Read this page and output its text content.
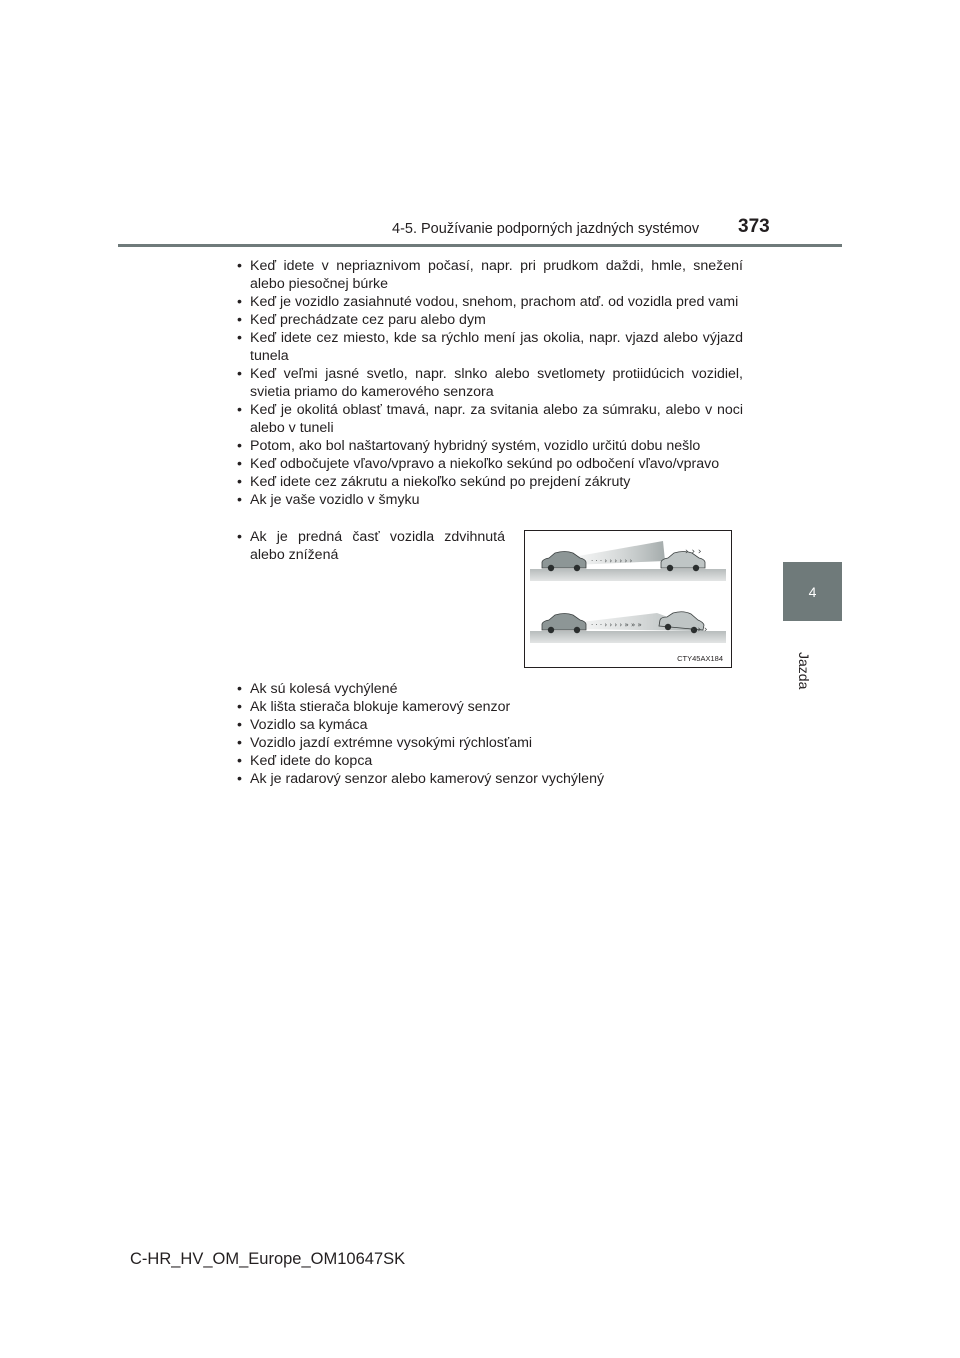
4-5. Používanie podporných jazdných systémov 373
4
Jazda
• Keď idete v nepriaznivom počasí, napr. pri prudkom daždi, hmle, snežení alebo piesočnej búrke
• Keď je vozidlo zasiahnuté vodou, snehom, prachom atď. od vozidla pred vami
• Keď prechádzate cez paru alebo dym
• Keď idete cez miesto, kde sa rýchlo mení jas okolia, napr. vjazd alebo výjazd tunela
• Keď veľmi jasné svetlo, napr. slnko alebo svetlomety protiidúcich vozidiel, svietia priamo do kamerového senzora
• Keď je okolitá oblasť tmavá, napr. za svitania alebo za súmraku, alebo v noci alebo v tuneli
• Potom, ako bol naštartovaný hybridný systém, vozidlo určitú dobu nešlo
• Keď odbočujete vľavo/vpravo a niekoľko sekúnd po odbočení vľavo/vpravo
• Keď idete cez zákrutu a niekoľko sekúnd po prejdení zákruty
• Ak je vaše vozidlo v šmyku
• Ak je predná časť vozidla zdvihnutá alebo znížená	· · · › › › › › ›
› › ›
· · · › › › › » » »	› › ›
CTY45AX184
• Ak sú kolesá vychýlené
• Ak lišta stierača blokuje kamerový senzor
• Vozidlo sa kymáca
• Vozidlo jazdí extrémne vysokými rýchlosťami
• Keď idete do kopca
• Ak je radarový senzor alebo kamerový senzor vychýlený
C-HR_HV_OM_Europe_OM10647SK
